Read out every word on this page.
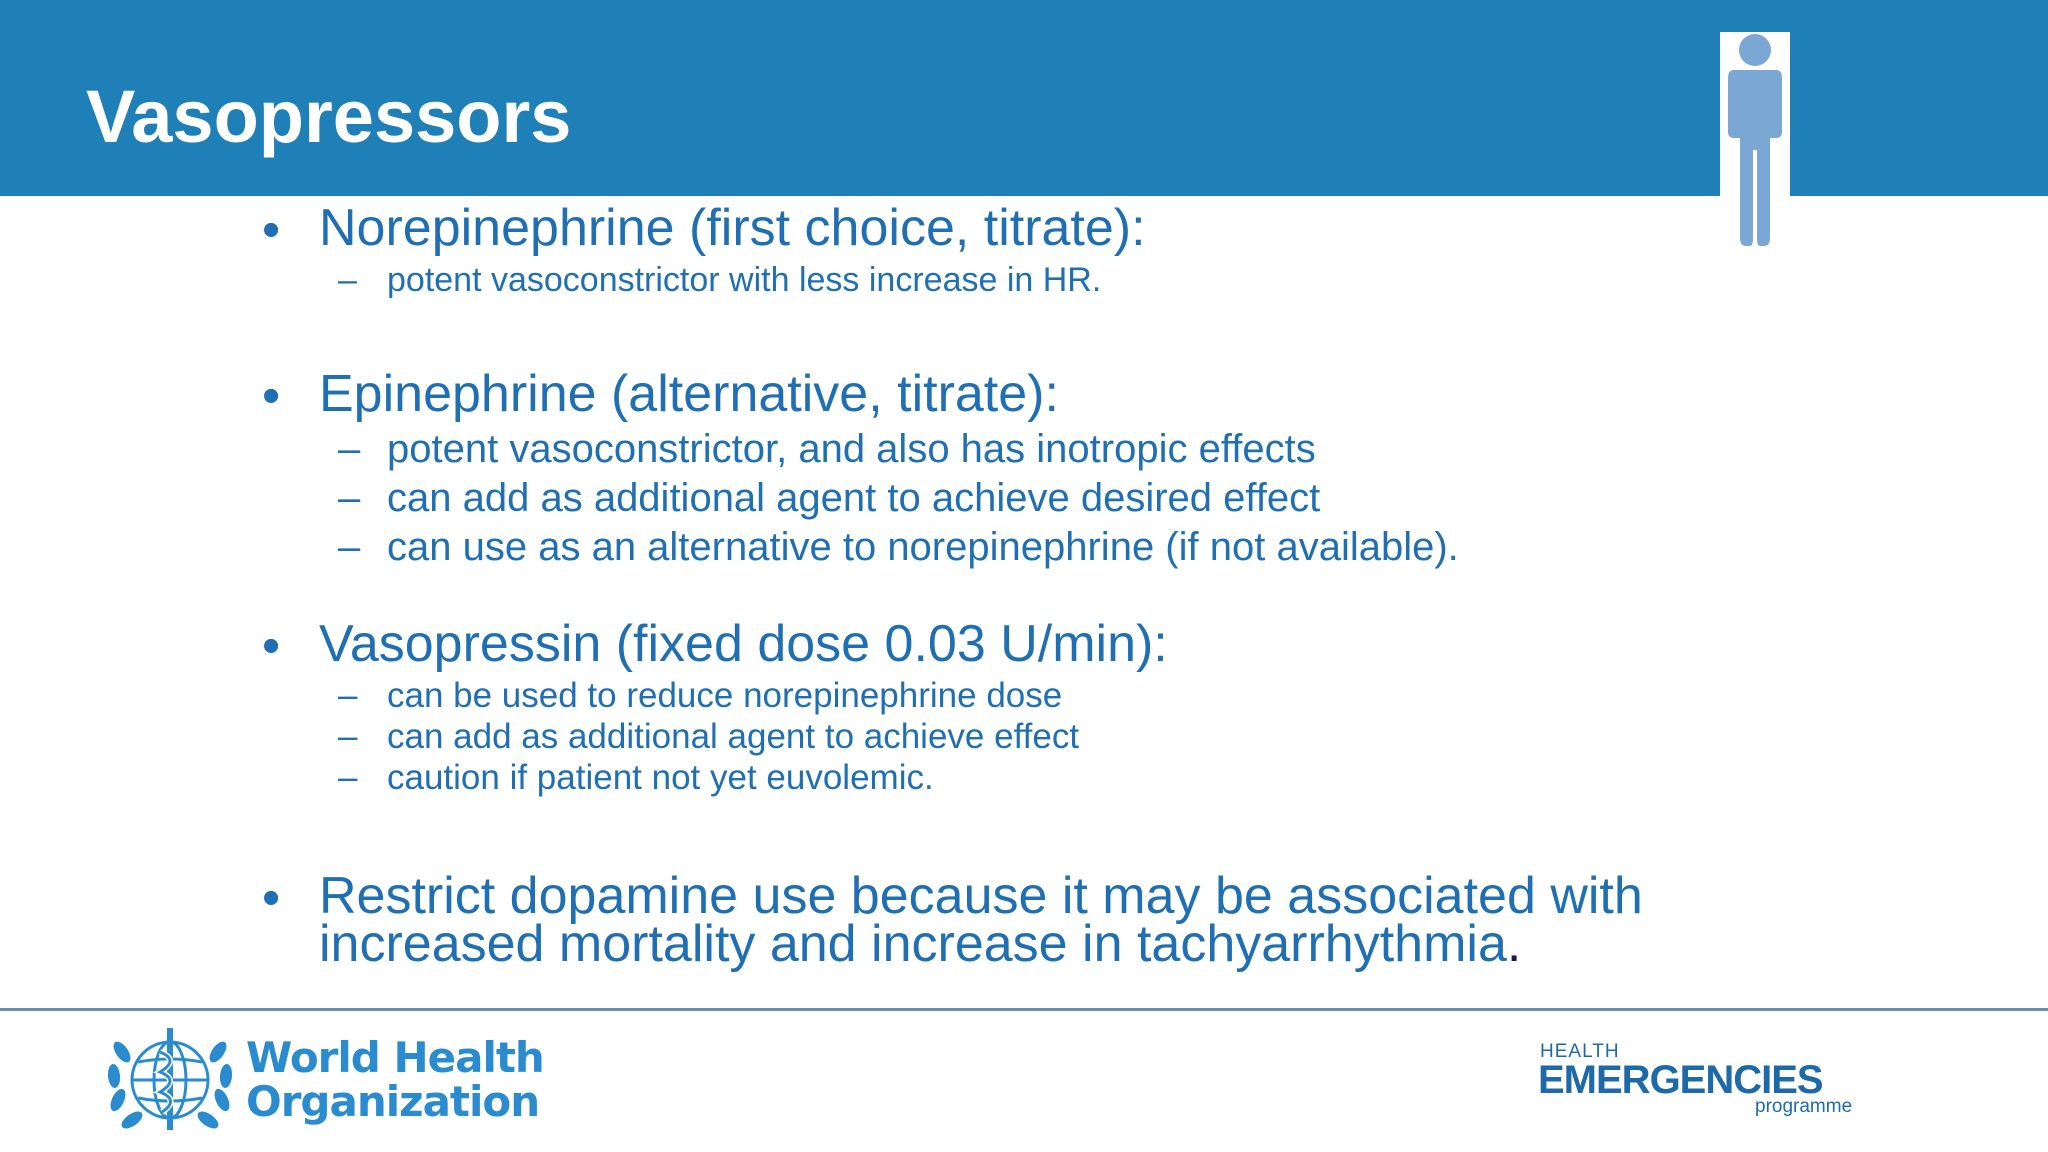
Vasopressors
• Norepinephrine (first choice, titrate):
– potent vasoconstrictor with less increase in HR.
• Epinephrine (alternative, titrate):
– potent vasoconstrictor, and also has inotropic effects
– can add as additional agent to achieve desired effect
– can use as an alternative to norepinephrine (if not available).
• Vasopressin (fixed dose 0.03 U/min):
– can be used to reduce norepinephrine dose
– can add as additional agent to achieve effect
– caution if patient not yet euvolemic.
• Restrict dopamine use because it may be associated with
increased mortality and increase in tachyarrhythmia.
World Health
Organization
HEALTH
EMERGENCIES
programme
